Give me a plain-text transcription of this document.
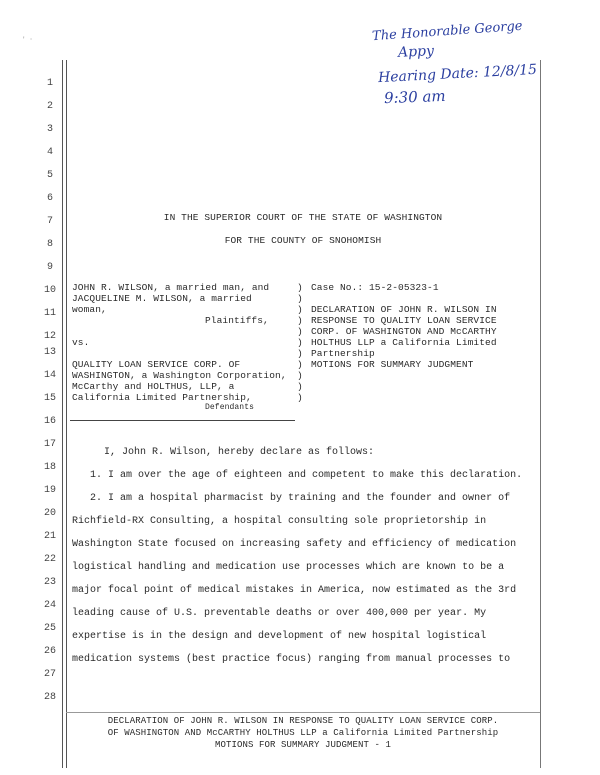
' ·	The Honorable George
Appy
Hearing Date: 12/8/15
9:30 am
1
2
3
4
5
6
7
8
9
10
11
12
13
14
15
16
17
18
19
20
21
22
23
24
25
26
27
28
IN THE SUPERIOR COURT OF THE STATE OF WASHINGTON
FOR THE COUNTY OF SNOHOMISH
JOHN R. WILSON, a married man, and
JACQUELINE M. WILSON, a married
woman,
Plaintiffs,
vs.
QUALITY LOAN SERVICE CORP. OF
WASHINGTON, a Washington Corporation,
McCarthy and HOLTHUS, LLP, a
California Limited Partnership,
Defendants
)
)
)
)
)
)
)
)
)
)
)
Case No.: 15-2-05323-1
DECLARATION OF JOHN R. WILSON IN
RESPONSE TO QUALITY LOAN SERVICE
CORP. OF WASHINGTON AND McCARTHY
HOLTHUS LLP a California Limited
Partnership
MOTIONS FOR SUMMARY JUDGMENT
I, John R. Wilson, hereby declare as follows:
1. I am over the age of eighteen and competent to make this declaration.
2. I am a hospital pharmacist by training and the founder and owner of
Richfield-RX Consulting, a hospital consulting sole proprietorship in
Washington State focused on increasing safety and efficiency of medication
logistical handling and medication use processes which are known to be a
major focal point of medical mistakes in America, now estimated as the 3rd
leading cause of U.S. preventable deaths or over 400,000 per year. My
expertise is in the design and development of new hospital logistical
medication systems (best practice focus) ranging from manual processes to
DECLARATION OF JOHN R. WILSON IN RESPONSE TO QUALITY LOAN SERVICE CORP.
OF WASHINGTON AND McCARTHY HOLTHUS LLP a California Limited Partnership
MOTIONS FOR SUMMARY JUDGMENT - 1
